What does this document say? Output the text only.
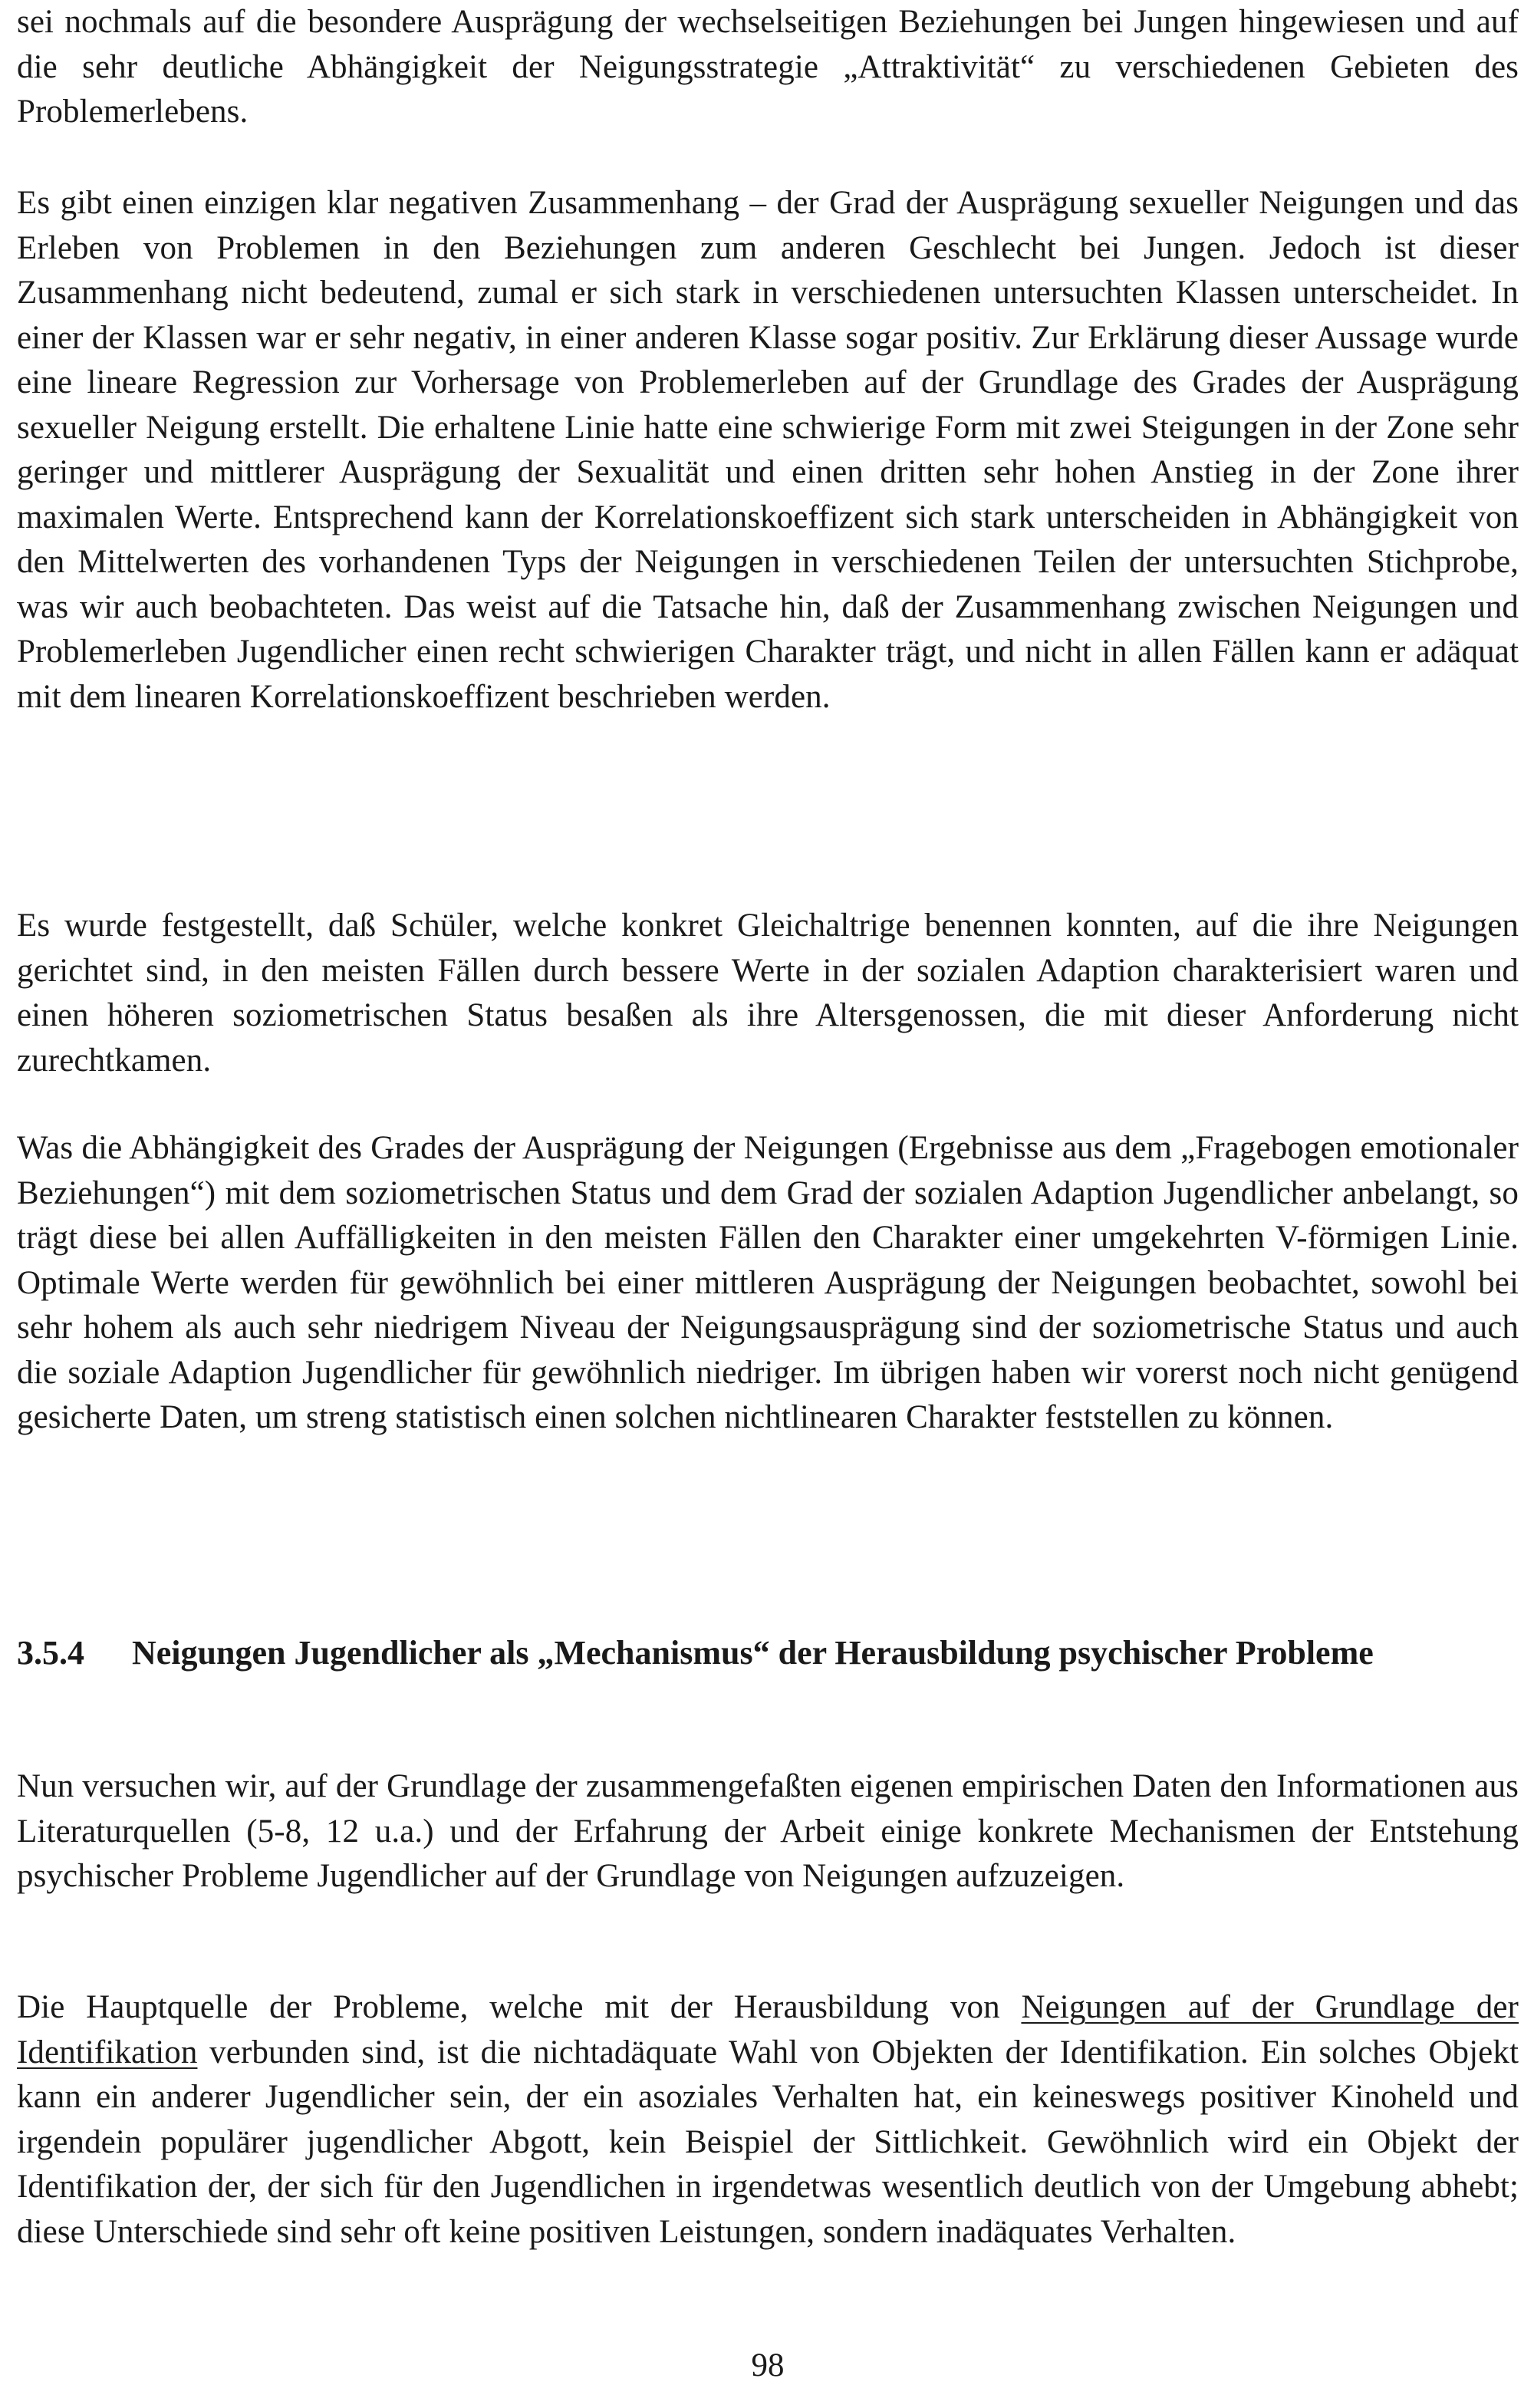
sei nochmals auf die besondere Ausprägung der wechselseitigen Beziehungen bei Jungen hingewiesen und auf die sehr deutliche Abhängigkeit der Neigungsstrategie „Attraktivität“ zu verschiedenen Gebieten des Problemerlebens.

Es gibt einen einzigen klar negativen Zusammenhang – der Grad der Ausprägung sexueller Neigungen und das Erleben von Problemen in den Beziehungen zum anderen Geschlecht bei Jungen. Jedoch ist dieser Zusammenhang nicht bedeutend, zumal er sich stark in verschiedenen untersuchten Klassen unterscheidet. In einer der Klassen war er sehr negativ, in einer anderen Klasse sogar positiv. Zur Erklärung dieser Aussage wurde eine lineare Regression zur Vorhersage von Problemerleben auf der Grundlage des Grades der Ausprägung sexueller Neigung erstellt. Die erhaltene Linie hatte eine schwierige Form mit zwei Steigungen in der Zone sehr geringer und mittlerer Ausprägung der Sexualität und einen dritten sehr hohen Anstieg in der Zone ihrer maximalen Werte. Entsprechend kann der Korrelationskoeffizent sich stark unterscheiden in Abhängigkeit von den Mittelwerten des vorhandenen Typs der Neigungen in verschiedenen Teilen der untersuchten Stichprobe, was wir auch beobachteten. Das weist auf die Tatsache hin, daß der Zusammenhang zwischen Neigungen und Problemerleben Jugendlicher einen recht schwierigen Charakter trägt, und nicht in allen Fällen kann er adäquat mit dem linearen Korrelationskoeffizent beschrieben werden.

Es wurde festgestellt, daß Schüler, welche konkret Gleichaltrige benennen konnten, auf die ihre Neigungen gerichtet sind, in den meisten Fällen durch bessere Werte in der sozialen Adaption charakterisiert waren und einen höheren soziometrischen Status besaßen als ihre Altersgenossen, die mit dieser Anforderung nicht zurechtkamen.

Was die Abhängigkeit des Grades der Ausprägung der Neigungen (Ergebnisse aus dem „Fragebogen emotionaler Beziehungen“) mit dem soziometrischen Status und dem Grad der sozialen Adaption Jugendlicher anbelangt, so trägt diese bei allen Auffälligkeiten in den meisten Fällen den Charakter einer umgekehrten V-förmigen Linie. Optimale Werte werden für gewöhnlich bei einer mittleren Ausprägung der Neigungen beobachtet, sowohl bei sehr hohem als auch sehr niedrigem Niveau der Neigungsausprägung sind der soziometrische Status und auch die soziale Adaption Jugendlicher für gewöhnlich niedriger. Im übrigen haben wir vorerst noch nicht genügend gesicherte Daten, um streng statistisch einen solchen nichtlinearen Charakter feststellen zu können.

3.5.4	Neigungen Jugendlicher als „Mechanismus“ der Herausbildung psychischer Probleme

Nun versuchen wir, auf der Grundlage der zusammengefaßten eigenen empirischen Daten den Informationen aus Literaturquellen (5-8, 12 u.a.) und der Erfahrung der Arbeit einige konkrete Mechanismen der Entstehung psychischer Probleme Jugendlicher auf der Grundlage von Neigungen aufzuzeigen.

Die Hauptquelle der Probleme, welche mit der Herausbildung von Neigungen auf der Grundlage der Identifikation verbunden sind, ist die nichtadäquate Wahl von Objekten der Identifikation. Ein solches Objekt kann ein anderer Jugendlicher sein, der ein asoziales Verhalten hat, ein keineswegs positiver Kinoheld und irgendein populärer jugendlicher Abgott, kein Beispiel der Sittlichkeit. Gewöhnlich wird ein Objekt der Identifikation der, der sich für den Jugendlichen in irgendetwas wesentlich deutlich von der Umgebung abhebt; diese Unterschiede sind sehr oft keine positiven Leistungen, sondern inadäquates Verhalten.

98
